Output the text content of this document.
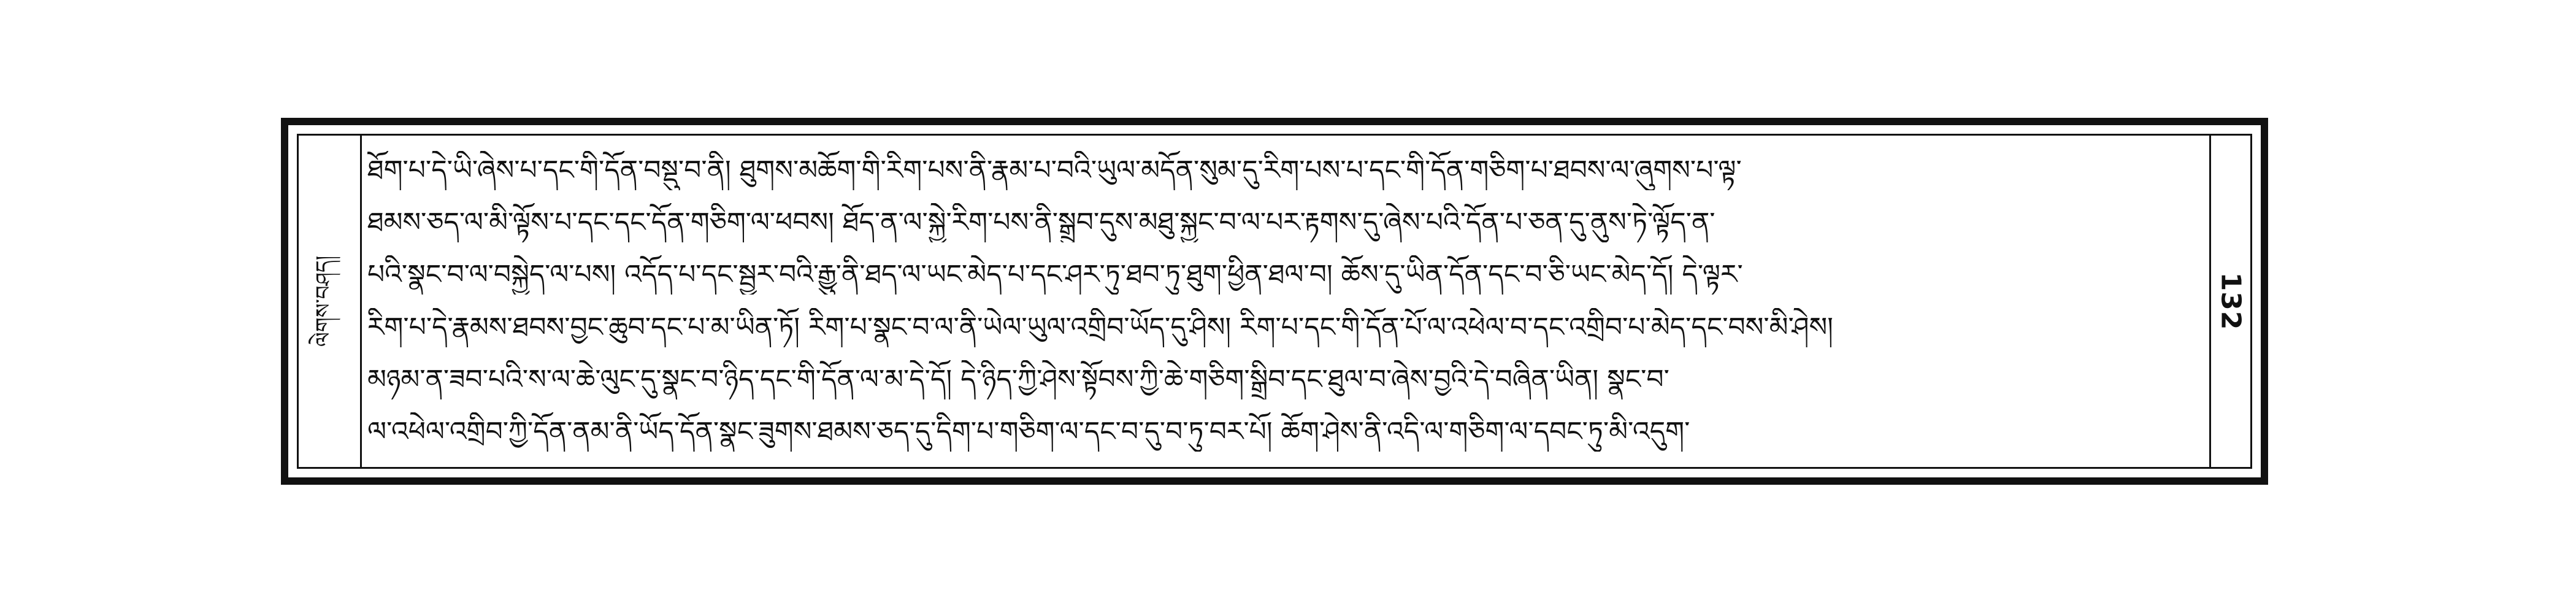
ལེགས་བཤད།
ཐོག་པ་དེ་ཡི་ཞེས་པ་དང་གི་དོན་བསྡུ་བ་ནི། ཐུགས་མཆོག་གི་རིག་པས་ནི་རྣམ་པ་བའི་ཡུལ་མདོན་སུམ་དུ་རིག་པས་པ་དང་གི་དོན་གཅིག་པ་ཐབས་ལ་ཞུགས་པ་ལྟ་
ཐམས་ཅད་ལ་མི་ལྟོས་པ་དང་དང་དོན་གཅིག་ལ་ཕབས། ཐོད་ན་ལ་སྐྱེ་རིག་པས་ནི་སྒྲུབ་དུས་མཐུ་སྐྱང་བ་ལ་པར་རྟགས་དུ་ཞེས་པའི་དོན་པ་ཅན་དུ་ནུས་ཏེ་ལྟོད་ན་
པའི་སྣང་བ་ལ་བསྐྱེད་ལ་པས། འདོད་པ་དང་སྦྱར་བའི་རྒྱུ་ནི་ཐད་ལ་ཡང་མེད་པ་དང་ཤར་ཏུ་ཐབ་ཏུ་ཐུག་ཕྱིན་ཐལ་བ། ཆོས་དུ་ཡིན་དོན་དང་བ་ཅི་ཡང་མེད་དོ། དེ་ལྟར་
རིག་པ་དེ་རྣམས་ཐབས་བྱང་ཆུབ་དང་པ་མ་ཡིན་ཏོ། རིག་པ་སྣང་བ་ལ་ནི་ཡེལ་ཡུལ་འགྲིབ་ཡོད་དུ་ཤིས། རིག་པ་དང་གི་དོན་པོ་ལ་འཕེལ་བ་དང་འགྲིབ་པ་མེད་དང་བས་མི་ཤེས།
མཉམ་ན་ཟབ་པའི་ས་ལ་ཆེ་ལུང་དུ་སྣང་བ་ཉིད་དང་གི་དོན་ལ་མ་དེ་དོ། དེ་ཉིད་ཀྱི་ཤེས་སྟོབས་ཀྱི་ཆེ་གཅིག་སྒྲིབ་དང་ཐུལ་བ་ཞེས་བྱའི་དེ་བཞིན་ཡིན། སྣང་བ་
ལ་འཕེལ་འགྲིབ་ཀྱི་དོན་ནམ་ནི་ཡོད་དོན་སྣང་ཟུགས་ཐམས་ཅད་དུ་དིག་པ་གཅིག་ལ་དང་བ་དུ་བ་ཏུ་བར་པོ། ཆོག་ཤེས་ནི་འདི་ལ་གཅིག་ལ་དབང་ཏུ་མི་འདུག་
132
